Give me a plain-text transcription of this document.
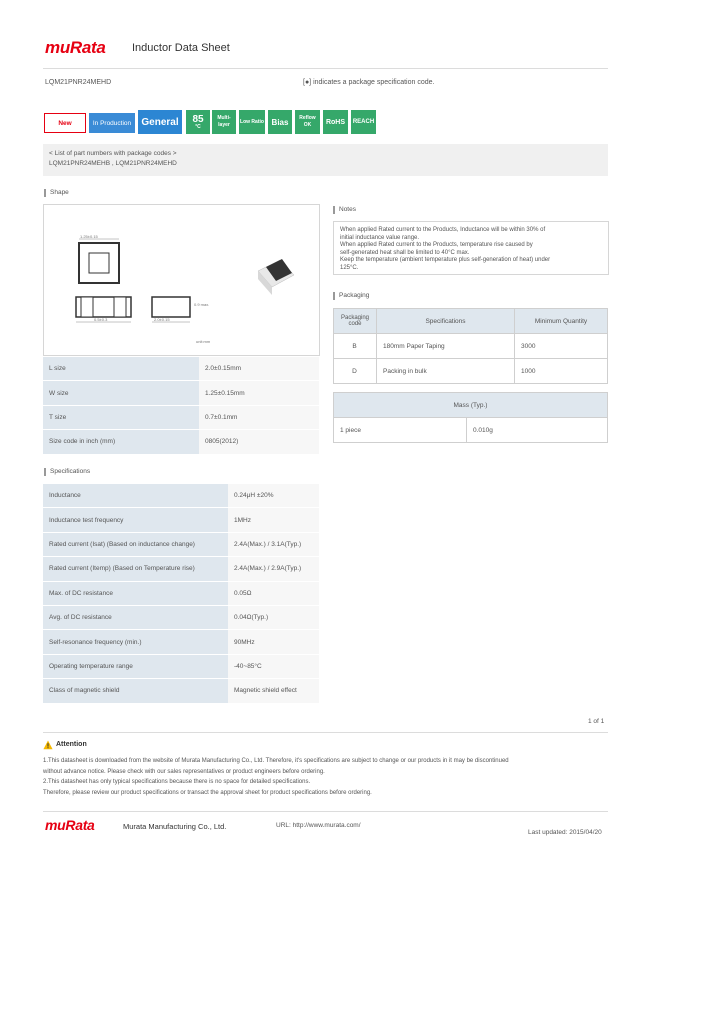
muRata Inductor Data Sheet
LQM21PNR24MEHD	[●] indicates a package specification code.
New	In Production General 85
°C
Multi-layer
Low Ratio Bias	Reflow OK	RoHS REACH
< List of part numbers with package codes >
LQM21PNR24MEHB , LQM21PNR24MEHD
Shape
1.25±0.15
0.9 max.
0.5±0.3	2.0±0.15
unit:mm
L size	2.0±0.15mm
W size	1.25±0.15mm
T size	0.7±0.1mm
Size code in inch (mm)	0805(2012)
Notes
When applied Rated current to the Products, Inductance will be within 30% of
initial inductance value range.
When applied Rated current to the Products, temperature rise caused by
self-generated heat shall be limited to 40°C max.
Keep the temperature (ambient temperature plus self-generation of heat) under
125°C.
Packaging
Packaging code	Specifications	Minimum Quantity
B	180mm Paper Taping	3000
D	Packing in bulk	1000
Mass (Typ.)
1 piece	0.010g
Specifications
Inductance	0.24μH ±20%
Inductance test frequency	1MHz
Rated current (Isat) (Based on inductance change)	2.4A(Max.) / 3.1A(Typ.)
Rated current (Itemp) (Based on Temperature rise)	2.4A(Max.) / 2.9A(Typ.)
Max. of DC resistance	0.05Ω
Avg. of DC resistance	0.04Ω(Typ.)
Self-resonance frequency (min.)	90MHz
Operating temperature range	-40~85°C
Class of magnetic shield	Magnetic shield effect
1 of 1
Attention
1.This datasheet is downloaded from the website of Murata Manufacturing Co., Ltd. Therefore, it's specifications are subject to change or our products in it may be discontinued
without advance notice. Please check with our sales representatives or product engineers before ordering.
2.This datasheet has only typical specifications because there is no space for detailed specifications.
Therefore, please review our product specifications or transact the approval sheet for product specifications before ordering.
muRata	Murata Manufacturing Co., Ltd.	URL: http://www.murata.com/
Last updated: 2015/04/20
